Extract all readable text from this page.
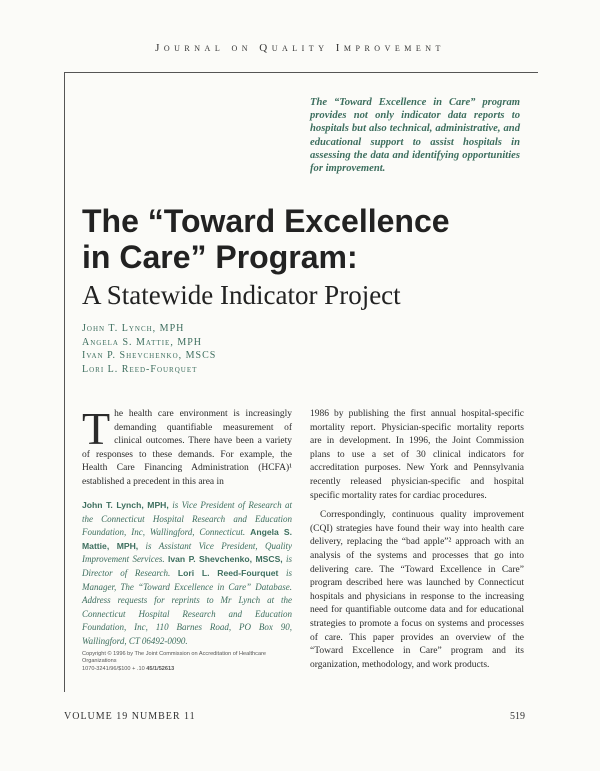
Journal on Quality Improvement
The “Toward Excellence in Care” program provides not only indicator data reports to hospitals but also technical, administrative, and educational support to assist hospitals in assessing the data and identifying opportunities for improvement.
The “Toward Excellence
in Care” Program:
A Statewide Indicator Project
John T. Lynch, MPH
Angela S. Mattie, MPH
Ivan P. Shevchenko, MSCS
Lori L. Reed-Fourquet
The health care environment is increasingly demanding quantifiable measurement of clinical outcomes. There have been a variety of responses to these demands. For example, the Health Care Financing Administration (HCFA)¹ established a precedent in this area in
John T. Lynch, MPH, is Vice President of Research at the Connecticut Hospital Research and Education Foundation, Inc, Wallingford, Connecticut. Angela S. Mattie, MPH, is Assistant Vice President, Quality Improvement Services. Ivan P. Shevchenko, MSCS, is Director of Research. Lori L. Reed-Fourquet is Manager, The “Toward Excellence in Care” Database. Address requests for reprints to Mr Lynch at the Connecticut Hospital Research and Education Foundation, Inc, 110 Barnes Road, PO Box 90, Wallingford, CT 06492-0090.
Copyright © 1996 by The Joint Commission on Accreditation of Healthcare Organizations
1070-3241/96/$100 + .10 45/1/52613

1986 by publishing the first annual hospital-specific mortality report. Physician-specific mortality reports are in development. In 1996, the Joint Commission plans to use a set of 30 clinical indicators for accreditation purposes. New York and Pennsylvania recently released physician-specific and hospital specific mortality rates for cardiac procedures.

Correspondingly, continuous quality improvement (CQI) strategies have found their way into health care delivery, replacing the “bad apple”² approach with an analysis of the systems and processes that go into delivering care. The “Toward Excellence in Care” program described here was launched by Connecticut hospitals and physicians in response to the increasing need for quantifiable outcome data and for educational strategies to promote a focus on systems and processes of care. This paper provides an overview of the “Toward Excellence in Care” program and its organization, methodology, and work products.

VOLUME 19 NUMBER 11	519
